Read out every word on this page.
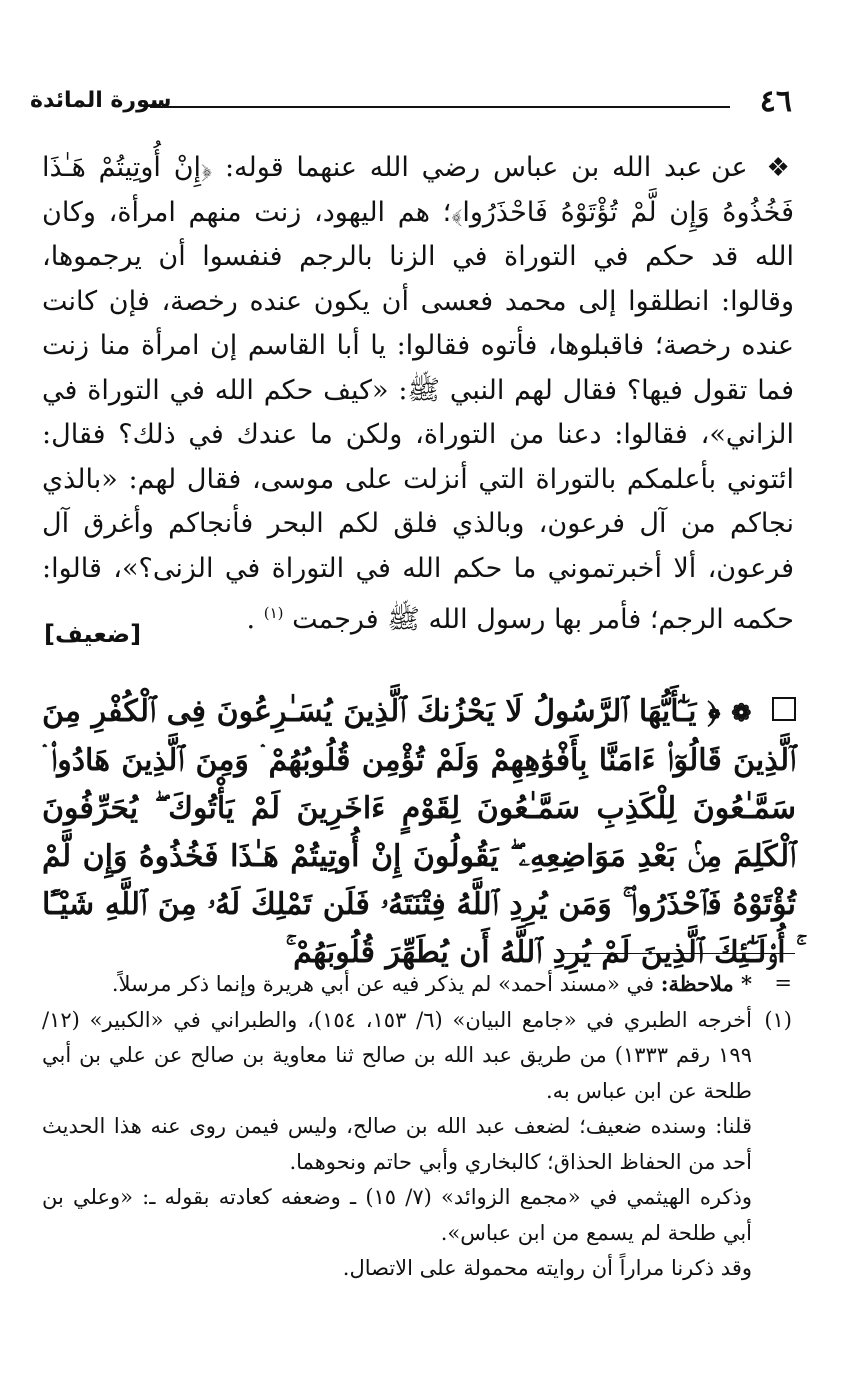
٤٦
سورة المائدة
❖ عن عبد الله بن عباس رضي الله عنهما قوله: ﴿إِنْ أُوتِيتُمْ هَـٰذَا فَخُذُوهُ وَإِن لَّمْ تُؤْتَوْهُ فَاحْذَرُوا﴾؛ هم اليهود، زنت منهم امرأة، وكان الله قد حكم في التوراة في الزنا بالرجم فنفسوا أن يرجموها، وقالوا: انطلقوا إلى محمد فعسى أن يكون عنده رخصة، فإن كانت عنده رخصة؛ فاقبلوها، فأتوه فقالوا: يا أبا القاسم إن امرأة منا زنت فما تقول فيها؟ فقال لهم النبي ﷺ: «كيف حكم الله في التوراة في الزاني»، فقالوا: دعنا من التوراة، ولكن ما عندك في ذلك؟ فقال: ائتوني بأعلمكم بالتوراة التي أنزلت على موسى، فقال لهم: «بالذي نجاكم من آل فرعون، وبالذي فلق لكم البحر فأنجاكم وأغرق آل فرعون، ألا أخبرتموني ما حكم الله في التوراة في الزنى؟»، قالوا: حكمه الرجم؛ فأمر بها رسول الله ﷺ فرجمت $^{(١)}$ .
[ضعيف]
❁ ﴿ يَـٰٓأَيُّهَا ٱلرَّسُولُ لَا يَحْزُنكَ ٱلَّذِينَ يُسَـٰرِعُونَ فِى ٱلْكُفْرِ مِنَ ٱلَّذِينَ قَالُوٓا۟ ءَامَنَّا بِأَفْوَٰهِهِمْ وَلَمْ تُؤْمِن قُلُوبُهُمْ ۛ وَمِنَ ٱلَّذِينَ هَادُوا۟ ۛ سَمَّـٰعُونَ لِلْكَذِبِ سَمَّـٰعُونَ لِقَوْمٍ ءَاخَرِينَ لَمْ يَأْتُوكَ ۖ يُحَرِّفُونَ ٱلْكَلِمَ مِنۢ بَعْدِ مَوَاضِعِهِۦ ۖ يَقُولُونَ إِنْ أُوتِيتُمْ هَـٰذَا فَخُذُوهُ وَإِن لَّمْ تُؤْتَوْهُ فَٱحْذَرُوا۟ ۚ وَمَن يُرِدِ ٱللَّهُ فِتْنَتَهُۥ فَلَن تَمْلِكَ لَهُۥ مِنَ ٱللَّهِ شَيْـًٔا ۚ أُو۟لَـٰٓئِكَ ٱلَّذِينَ لَمْ يُرِدِ ٱللَّهُ أَن يُطَهِّرَ قُلُوبَهُمْ ۚ
=
* ملاحظة: في «مسند أحمد» لم يذكر فيه عن أبي هريرة وإنما ذكر مرسلاً.
(١)
أخرجه الطبري في «جامع البيان» (٦/ ١٥٣، ١٥٤)، والطبراني في «الكبير» (١٢/ ١٩٩ رقم ١٣٣٣) من طريق عبد الله بن صالح ثنا معاوية بن صالح عن علي بن أبي طلحة عن ابن عباس به.
قلنا: وسنده ضعيف؛ لضعف عبد الله بن صالح، وليس فيمن روى عنه هذا الحديث أحد من الحفاظ الحذاق؛ كالبخاري وأبي حاتم ونحوهما.
وذكره الهيثمي في «مجمع الزوائد» (٧/ ١٥) ـ وضعفه كعادته بقوله ـ: «وعلي بن أبي طلحة لم يسمع من ابن عباس».
وقد ذكرنا مراراً أن روايته محمولة على الاتصال.
